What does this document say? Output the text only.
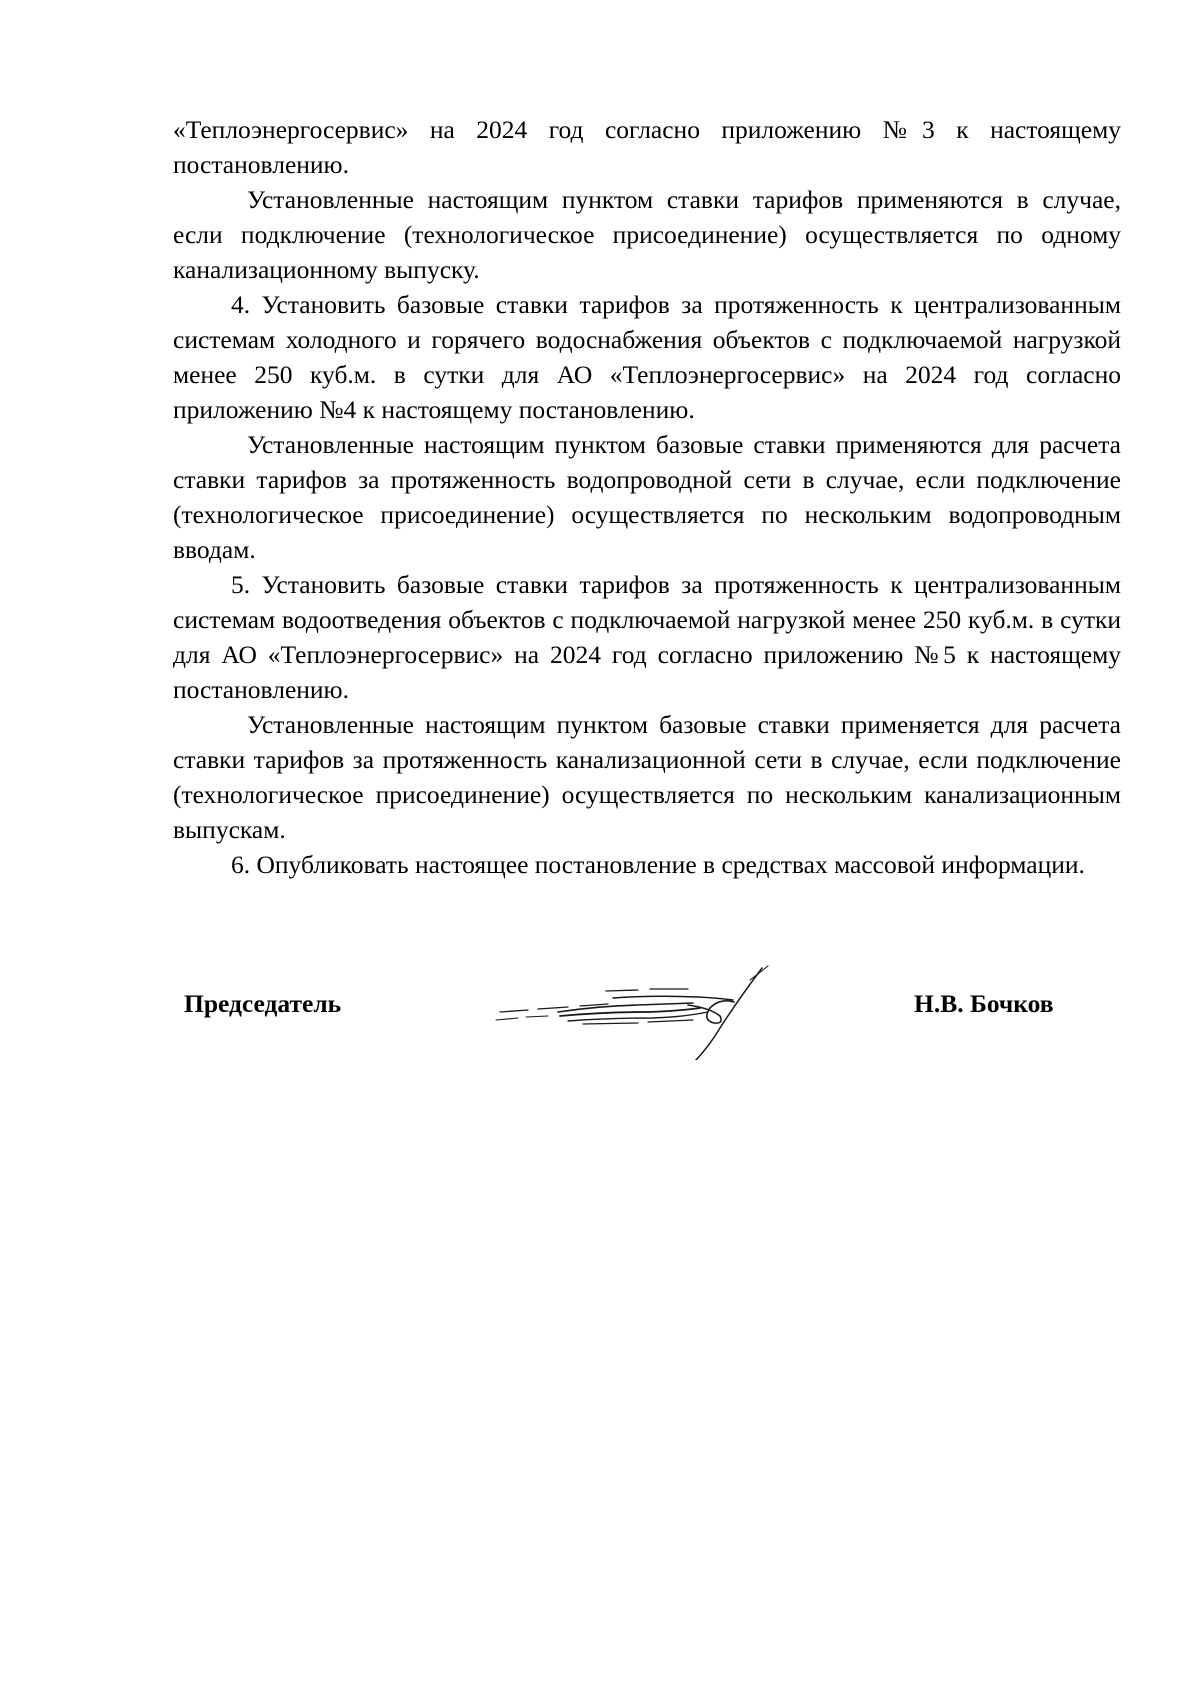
«Теплоэнергосервис» на 2024 год согласно приложению №3 к настоящему постановлению.

Установленные настоящим пунктом ставки тарифов применяются в случае, если подключение (технологическое присоединение) осуществляется по одному канализационному выпуску.

4. Установить базовые ставки тарифов за протяженность к централизованным системам холодного и горячего водоснабжения объектов с подключаемой нагрузкой менее 250 куб.м. в сутки для АО «Теплоэнергосервис» на 2024 год согласно приложению №4 к настоящему постановлению.

Установленные настоящим пунктом базовые ставки применяются для расчета ставки тарифов за протяженность водопроводной сети в случае, если подключение (технологическое присоединение) осуществляется по нескольким водопроводным вводам.

5. Установить базовые ставки тарифов за протяженность к централизованным системам водоотведения объектов с подключаемой нагрузкой менее 250 куб.м. в сутки для АО «Теплоэнергосервис» на 2024 год согласно приложению №5 к настоящему постановлению.

Установленные настоящим пунктом базовые ставки применяется для расчета ставки тарифов за протяженность канализационной сети в случае, если подключение (технологическое присоединение) осуществляется по нескольким канализационным выпускам.

6. Опубликовать настоящее постановление в средствах массовой информации.

Председатель	Н.В. Бочков
